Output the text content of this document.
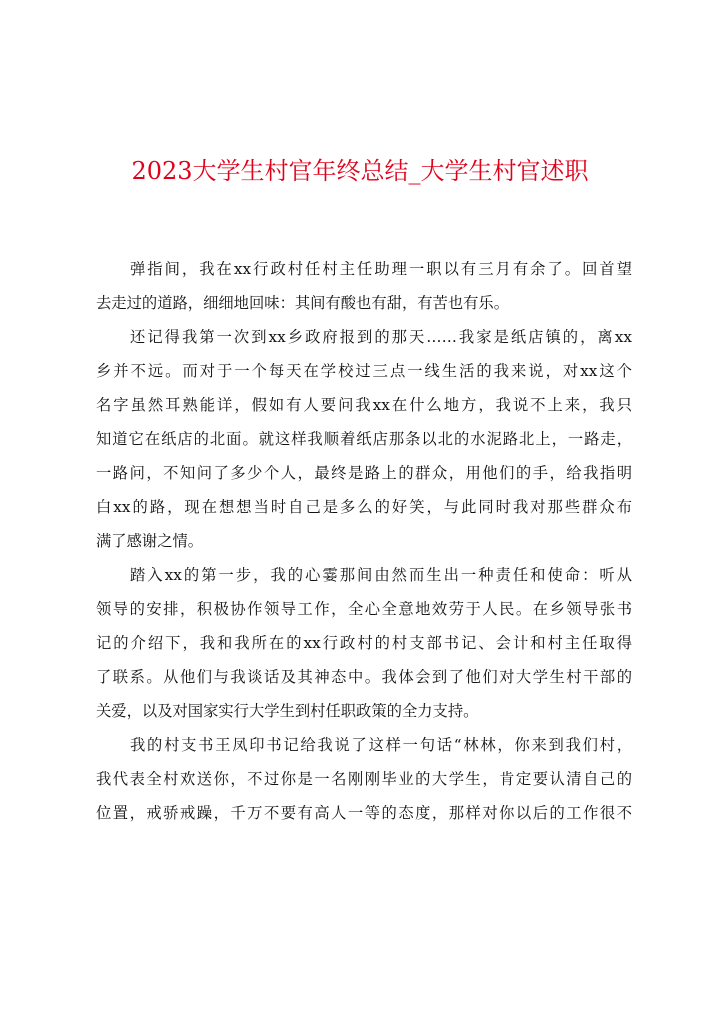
2023大学生村官年终总结_大学生村官述职
弹指间，我在xx行政村任村主任助理一职以有三月有余了。回首望
去走过的道路，细细地回味：其间有酸也有甜，有苦也有乐。
还记得我第一次到xx乡政府报到的那天……我家是纸店镇的，离xx
乡并不远。而对于一个每天在学校过三点一线生活的我来说，对xx这个
名字虽然耳熟能详，假如有人要问我xx在什么地方，我说不上来，我只
知道它在纸店的北面。就这样我顺着纸店那条以北的水泥路北上，一路走，
一路问，不知问了多少个人，最终是路上的群众，用他们的手，给我指明
白xx的路，现在想想当时自己是多么的好笑，与此同时我对那些群众布
满了感谢之情。
踏入xx的第一步，我的心霎那间由然而生出一种责任和使命：听从
领导的安排，积极协作领导工作，全心全意地效劳于人民。在乡领导张书
记的介绍下，我和我所在的xx行政村的村支部书记、会计和村主任取得
了联系。从他们与我谈话及其神态中。我体会到了他们对大学生村干部的
关爱，以及对国家实行大学生到村任职政策的全力支持。
我的村支书王凤印书记给我说了这样一句话“林林，你来到我们村，
我代表全村欢送你，不过你是一名刚刚毕业的大学生，肯定要认清自己的
位置，戒骄戒躁，千万不要有高人一等的态度，那样对你以后的工作很不
